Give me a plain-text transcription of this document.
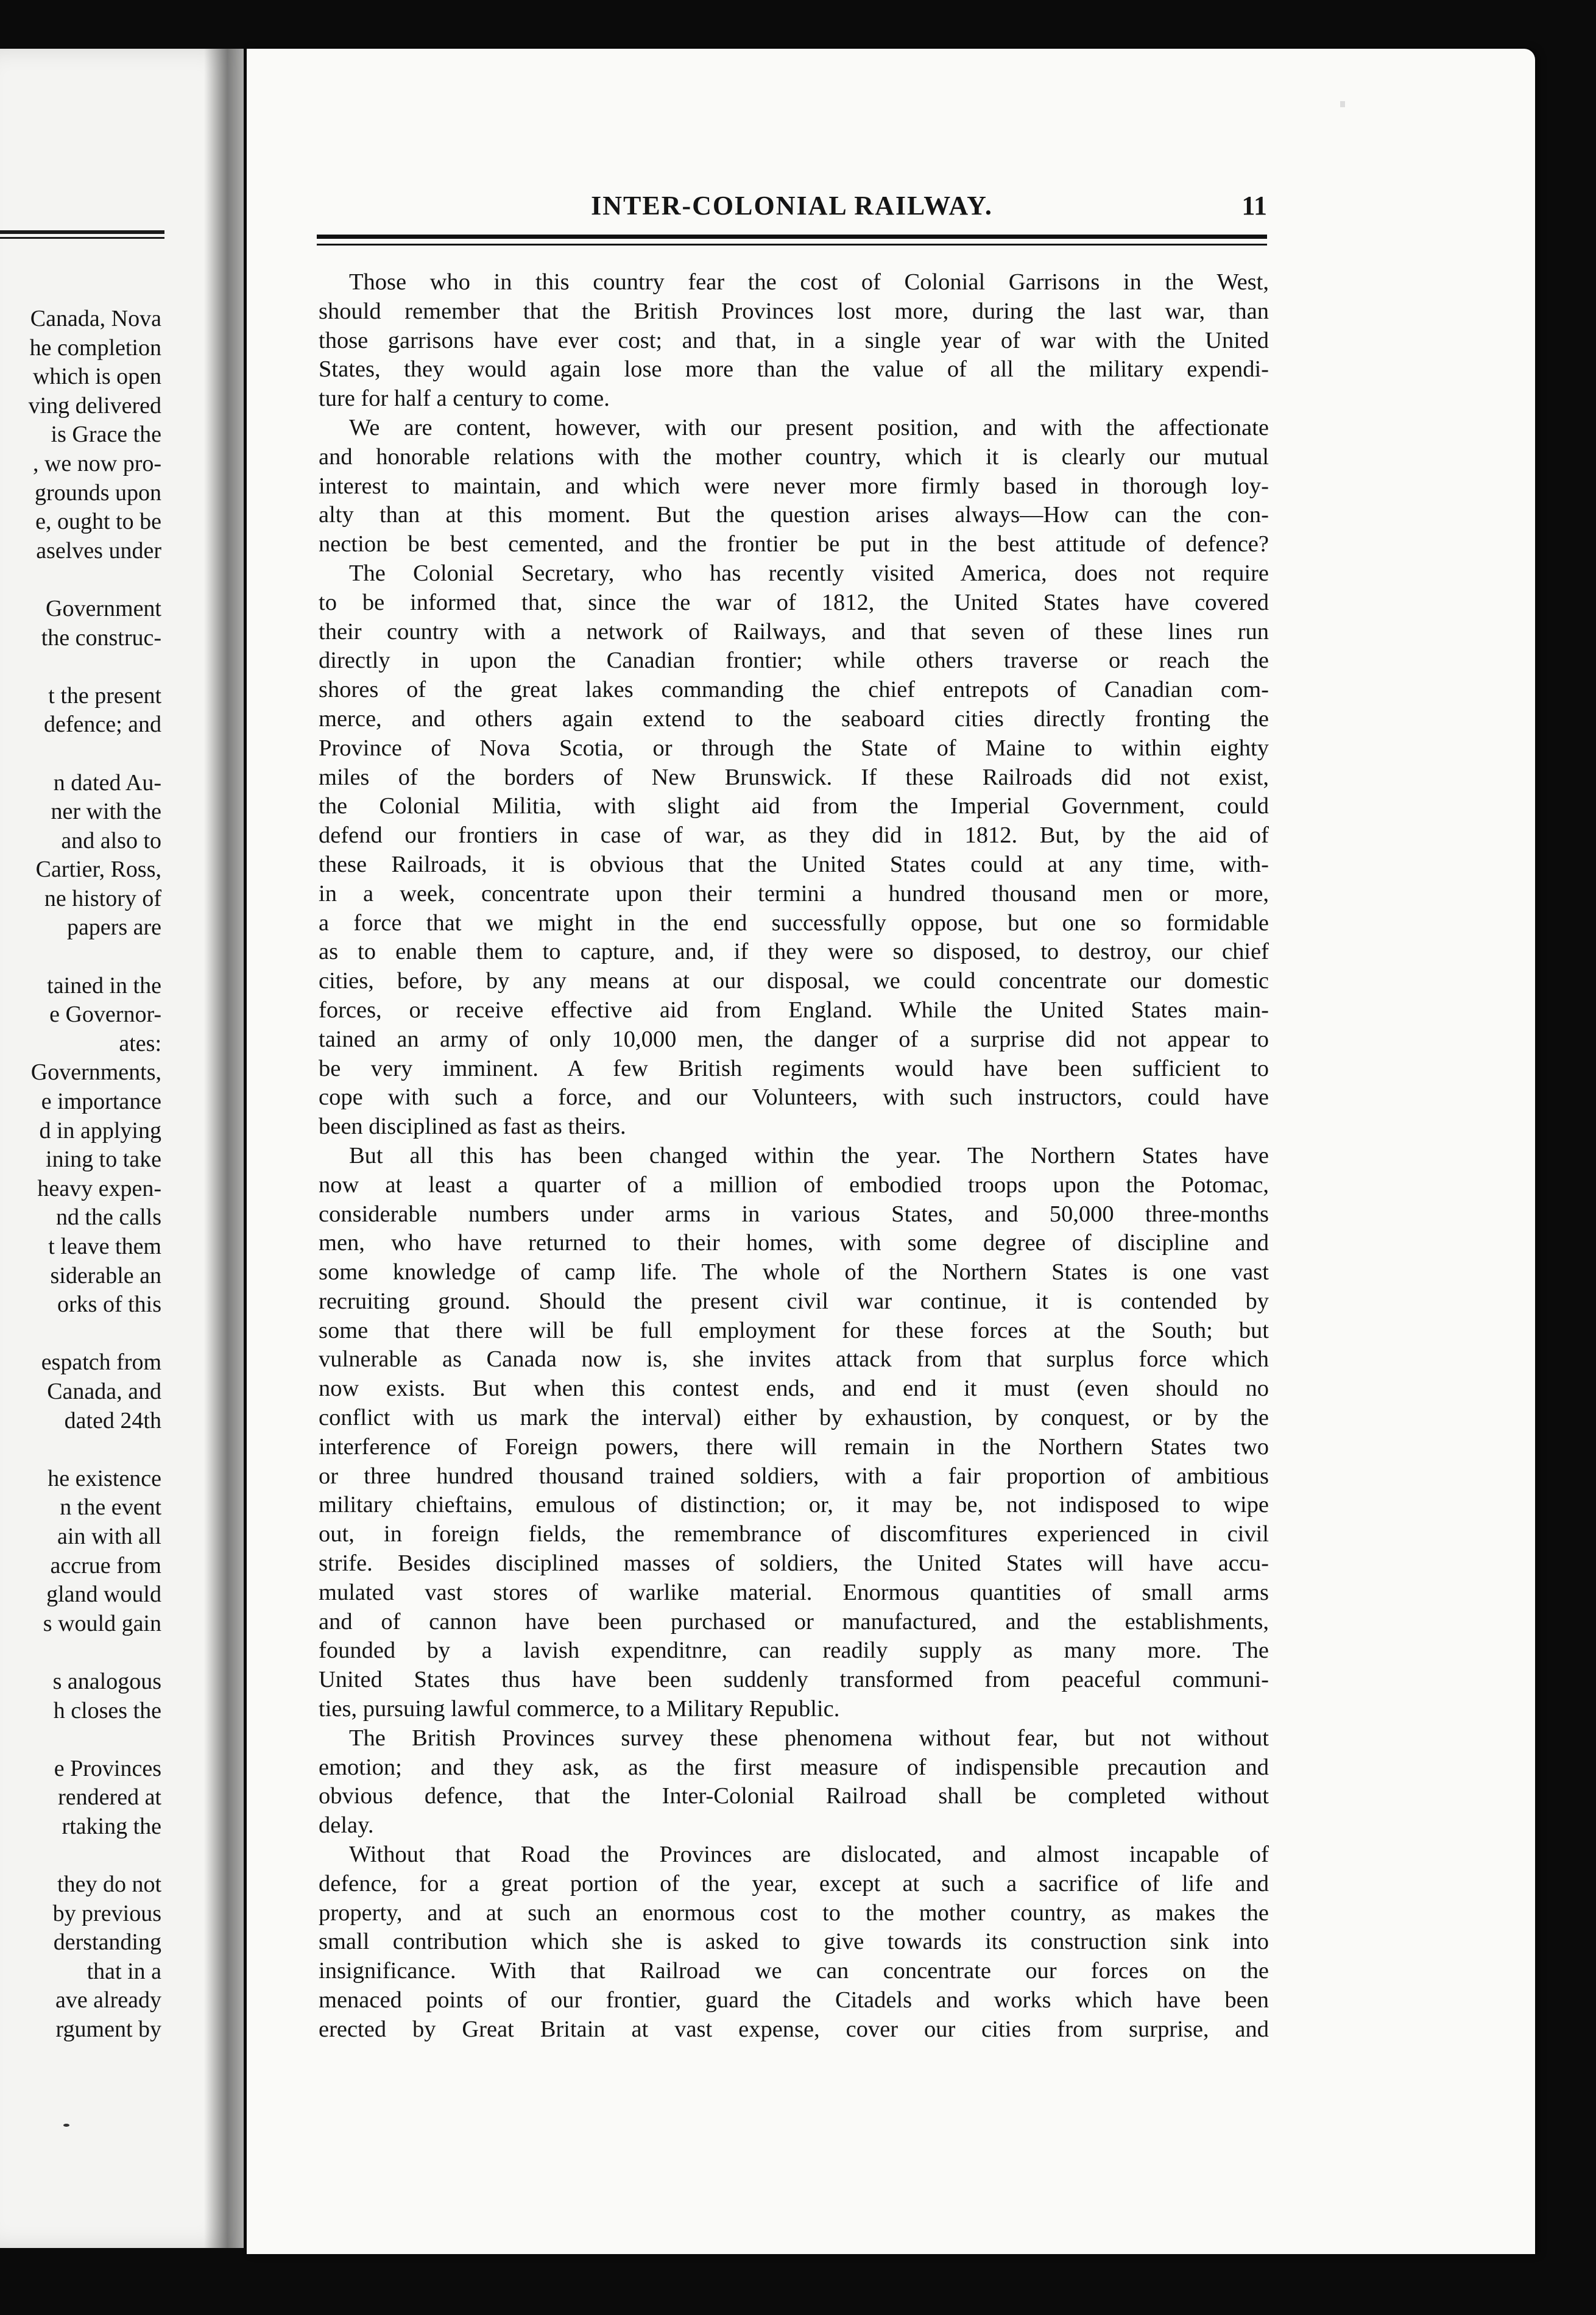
Canada, Nova
he completion
which is open
ving delivered
is Grace the
, we now pro-
grounds upon
e, ought to be
aselves under
Government
the construc-
t the present
defence; and
n dated Au-
ner with the
and also to
Cartier, Ross,
ne history of
papers are
tained in the
e Governor-
ates:
Governments,
e importance
d in applying
ining to take
heavy expen-
nd the calls
t leave them
siderable an
orks of this
espatch from
Canada, and
dated 24th
he existence
n the event
ain with all
accrue from
gland would
s would gain
s analogous
h closes the
e Provinces
rendered at
rtaking the
they do not
by previous
derstanding
that in a
ave already
rgument by
INTER-COLONIAL RAILWAY.	11
Those who in this country fear the cost of Colonial Garrisons in the West,
should remember that the British Provinces lost more, during the last war, than
those garrisons have ever cost; and that, in a single year of war with the United
States, they would again lose more than the value of all the military expendi-
ture for half a century to come.
We are content, however, with our present position, and with the affectionate
and honorable relations with the mother country, which it is clearly our mutual
interest to maintain, and which were never more firmly based in thorough loy-
alty than at this moment. But the question arises always—How can the con-
nection be best cemented, and the frontier be put in the best attitude of defence?
The Colonial Secretary, who has recently visited America, does not require
to be informed that, since the war of 1812, the United States have covered
their country with a network of Railways, and that seven of these lines run
directly in upon the Canadian frontier; while others traverse or reach the
shores of the great lakes commanding the chief entrepots of Canadian com-
merce, and others again extend to the seaboard cities directly fronting the
Province of Nova Scotia, or through the State of Maine to within eighty
miles of the borders of New Brunswick. If these Railroads did not exist,
the Colonial Militia, with slight aid from the Imperial Government, could
defend our frontiers in case of war, as they did in 1812. But, by the aid of
these Railroads, it is obvious that the United States could at any time, with-
in a week, concentrate upon their termini a hundred thousand men or more,
a force that we might in the end successfully oppose, but one so formidable
as to enable them to capture, and, if they were so disposed, to destroy, our chief
cities, before, by any means at our disposal, we could concentrate our domestic
forces, or receive effective aid from England. While the United States main-
tained an army of only 10,000 men, the danger of a surprise did not appear to
be very imminent. A few British regiments would have been sufficient to
cope with such a force, and our Volunteers, with such instructors, could have
been disciplined as fast as theirs.
But all this has been changed within the year. The Northern States have
now at least a quarter of a million of embodied troops upon the Potomac,
considerable numbers under arms in various States, and 50,000 three-months
men, who have returned to their homes, with some degree of discipline and
some knowledge of camp life. The whole of the Northern States is one vast
recruiting ground. Should the present civil war continue, it is contended by
some that there will be full employment for these forces at the South; but
vulnerable as Canada now is, she invites attack from that surplus force which
now exists. But when this contest ends, and end it must (even should no
conflict with us mark the interval) either by exhaustion, by conquest, or by the
interference of Foreign powers, there will remain in the Northern States two
or three hundred thousand trained soldiers, with a fair proportion of ambitious
military chieftains, emulous of distinction; or, it may be, not indisposed to wipe
out, in foreign fields, the remembrance of discomfitures experienced in civil
strife. Besides disciplined masses of soldiers, the United States will have accu-
mulated vast stores of warlike material. Enormous quantities of small arms
and of cannon have been purchased or manufactured, and the establishments,
founded by a lavish expenditnre, can readily supply as many more. The
United States thus have been suddenly transformed from peaceful communi-
ties, pursuing lawful commerce, to a Military Republic.
The British Provinces survey these phenomena without fear, but not without
emotion; and they ask, as the first measure of indispensible precaution and
obvious defence, that the Inter-Colonial Railroad shall be completed without
delay.
Without that Road the Provinces are dislocated, and almost incapable of
defence, for a great portion of the year, except at such a sacrifice of life and
property, and at such an enormous cost to the mother country, as makes the
small contribution which she is asked to give towards its construction sink into
insignificance. With that Railroad we can concentrate our forces on the
menaced points of our frontier, guard the Citadels and works which have been
erected by Great Britain at vast expense, cover our cities from surprise, and
